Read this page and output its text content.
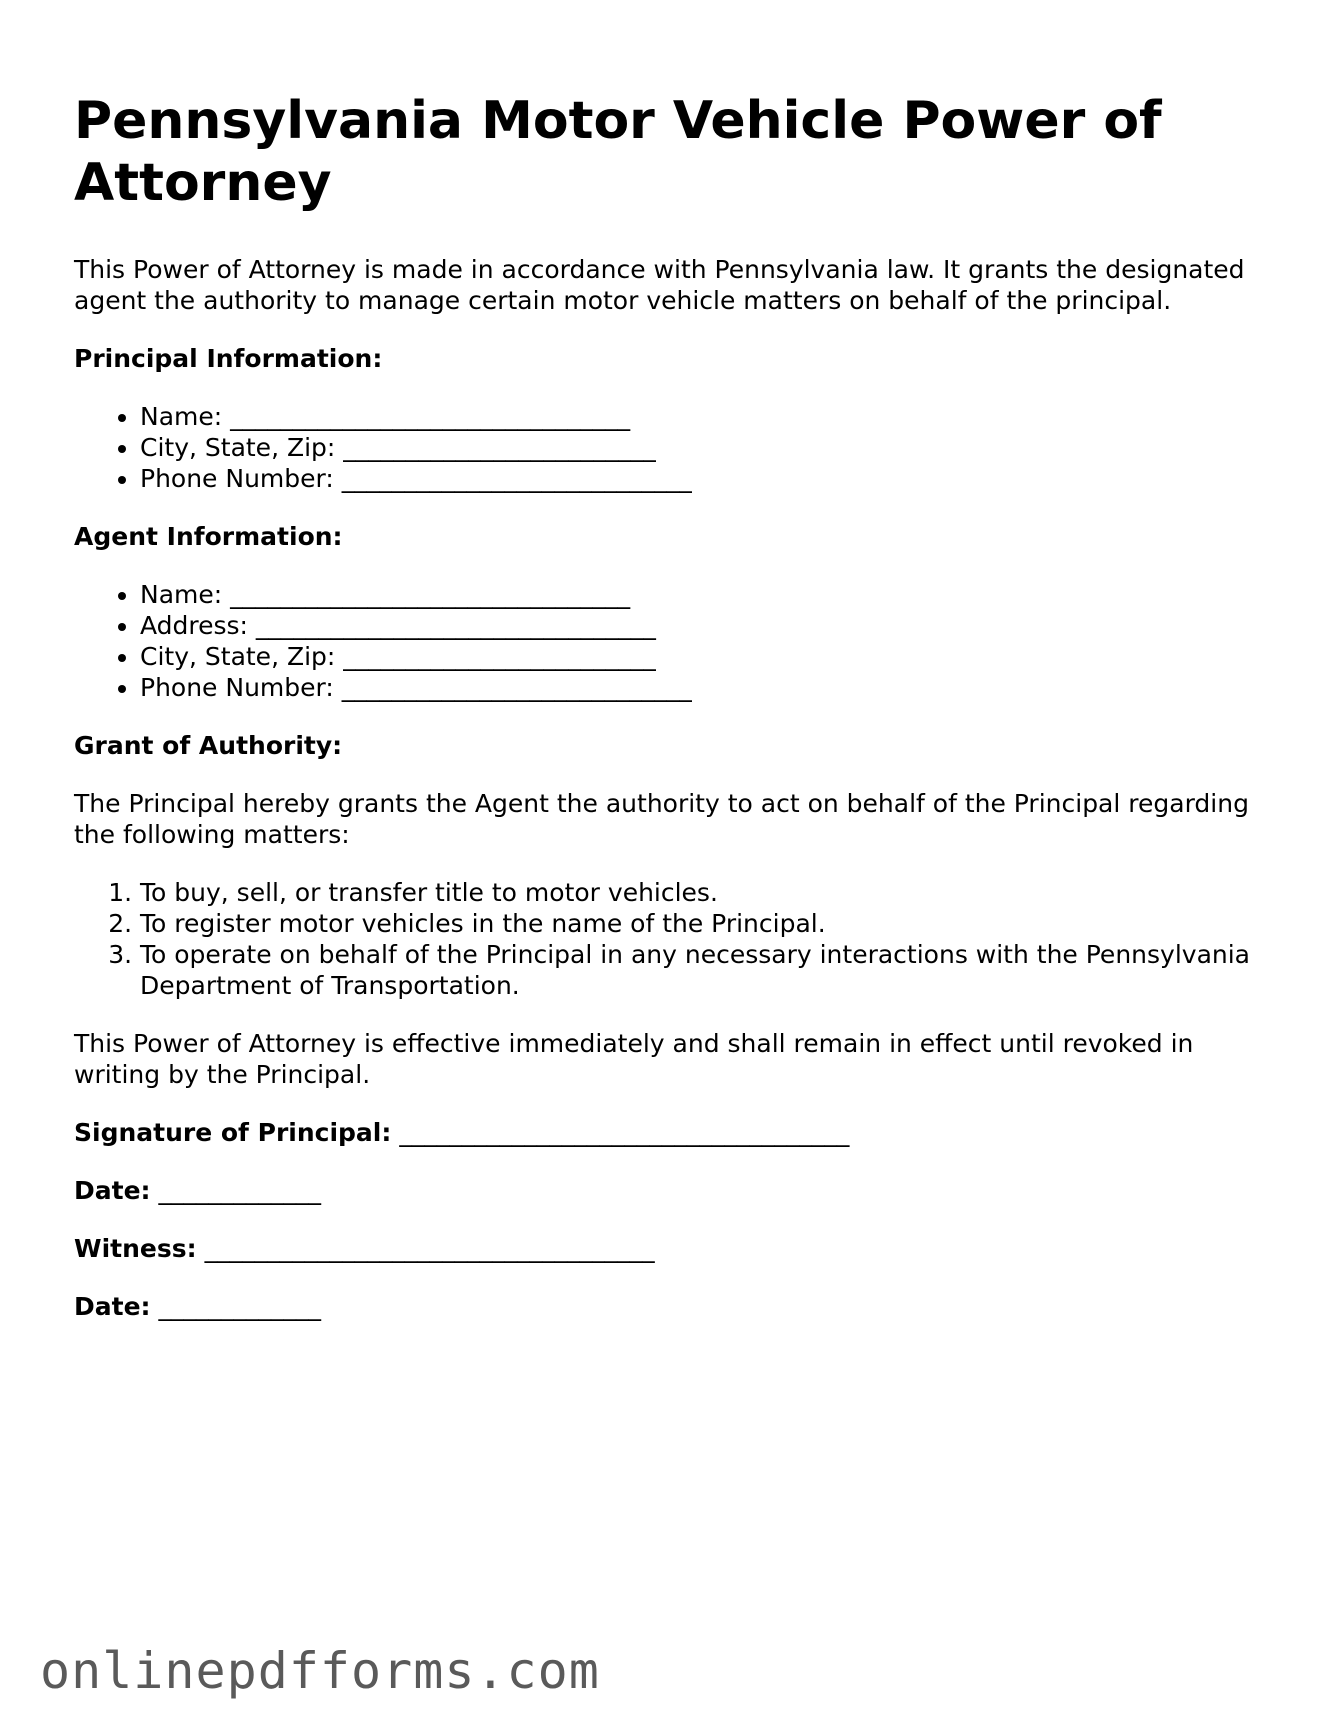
Pennsylvania Motor Vehicle Power of Attorney

This Power of Attorney is made in accordance with Pennsylvania law. It grants the designated agent the authority to manage certain motor vehicle matters on behalf of the principal.

Principal Information:
• Name: ________________________________
• City, State, Zip: _________________________
• Phone Number: ____________________________
Agent Information:
• Name: ________________________________
• Address: ________________________________
• City, State, Zip: _________________________
• Phone Number: ____________________________
Grant of Authority:

The Principal hereby grants the Agent the authority to act on behalf of the Principal regarding the following matters:

1. To buy, sell, or transfer title to motor vehicles.
2. To register motor vehicles in the name of the Principal.
3. To operate on behalf of the Principal in any necessary interactions with the Pennsylvania Department of Transportation.

This Power of Attorney is effective immediately and shall remain in effect until revoked in writing by the Principal.

Signature of Principal: ____________________________________
Date: _____________
Witness: ____________________________________
Date: _____________
onlinepdfforms.com
